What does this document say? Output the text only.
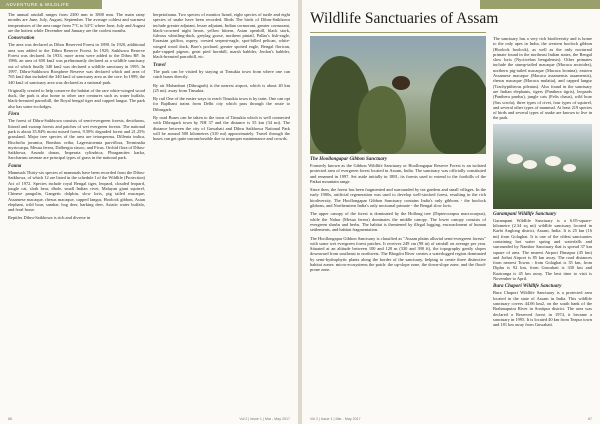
ADVENTURE & WILDLIFE

The annual rainfall ranges from 2300 mm to 3800 mm. The main rainy months are June, July, August, September. The average coldest and warmest temperatures of the area range from 7°C to 34°C where June, July and August are the hottest while December and January are the coolest months.

Conservation

The area was declared as Dibru Reserved Forest in 1890. In 1920, additional area was added to the Dibru Reserve Forest. In 1929, Saikhowa Reserve Forest was declared. In 1933, more areas were added to the Dibru RF. In 1986, an area of 650 km2 was preliminarily declared as a wildlife sanctuary out of which finally 340 km2 was declared a wildlife sanctuary in 1995. In 1997, Dibru-Saikhowa Biosphere Reserve was declared which and area of 765 km2 that included the 340 km2 of sanctuary area as the core. In 1999, the 340 km2 of sanctuary area was declared as a national park.

Originally created to help conserve the habitat of the rare white-winged wood duck, the park is also home to other rare creatures such as water buffalo, black-breasted parrotbill, the Royal bengal tiger and capped langur. The park also has some ecolodges.

Flora

The forest of Dibru-Saikhowa consists of semi-evergreen forests, deciduous, littoral and swamp forests and patches of wet evergreen forests. The national park is about 35.84% moist mixed forest, 9.50% degraded forest and 21.25% grassland. Major tree species of the area are tetrasperma, Dillenia indica, Bischofia javanica, Bombax ceiba, Lagerstroemia parviflora, Terminalia myriocarpa, Mesua ferrea, Dalbergia sissoo, and Ficus. Orchid flora of Dibru-Saikhowa, Arundo donax, Imperata cylindrica, Phragamites karka, Saccharum ravenae are principal types of grass in the national park.

Fauna

Mammals Thirty-six species of mammals have been recorded from the Dibru-Saikhowa, of which 12 are listed in the schedule I of the Wildlife (Protection) Act of 1972. Species include royal Bengal tiger, leopard, clouded leopard, jungle cat, sloth bear, dhole, small Indian civet, Malayan giant squirrel, Chinese pangolin, Gangetic dolphin, slow loris, pig tailed macaque, Assamese macaque, rhesus macaque, capped langur, Hoolock gibbon, Asian elephant, wild boar, sambar, hog deer, barking deer, Asiatic water buffalo, and feral horse.

Reptiles Dibru-Saikhowa is rich and diverse in

herpetofauna. Two species of monitor lizard, eight species of turtle and eight species of snake have been recorded. Birds The birds of Dibru-Saikhowa include greater adjutant, lesser adjutant, Indian cormorant, greater cormorant, black-crowned night heron, yellow bittern, Asian openbill, black stork, fulvous whistling-duck, greylag goose, northern pintail, Pallas's fish-eagle, Eurasian griffon, osprey, crested serpent-eagle, spot-billed pelican, white-winged wood duck, Baer's pochard, greater spotted eagle, Bengal florican, pale-capped pigeon, great pied hornbill, marsh babbler, Jerdon's babbler, black-breasted parrotbill, etc.

Travel

The park can be visited by staying at Tinsukia town from where one can catch buses directly.

By air Mohanbari (Dibrugarh) is the nearest airport, which is about 40 km (25 mi). away from Tinsukia.

By rail One of the easier ways to reach Tinsukia town is by train. One can opt for Rajdhani trains from Delhi city which pass through the route to Dibrugarh.

By road Buses can be taken to the town of Tinsukia which is well connected with Dibrugarh town by NH 37 and the distance is 55 km (34 mi). The distance between the city of Guwahati and Dibru Saikhowa National Park will be around 500 kilometres (310 mi) approximately. Travel through the buses can get quite uncomfortable due to improper maintenance and crowds.

66	Vol 2 | Issue 1 | Mar - May 2017
Wildlife Sanctuaries of Assam
The Hoollongapar Gibbon Sanctuary

Formerly known as the Gibbon Wildlife Sanctuary or Hoollongapar Reserve Forest is an isolated protected area of evergreen forest located in Assam, India. The sanctuary was officially constituted and renamed in 1997. Set aside initially in 1881, its forests used to extend to the foothills of the Patkai mountain range.

Since then, the forest has been fragmented and surrounded by tea gardens and small villages. In the early 1900s, artificial regeneration was used to develop well-stocked forest, resulting in the rich biodiversity. The Hoollongapar Gibbon Sanctuary contains India's only gibbons - the hoolock gibbons, and Northeastern India's only nocturnal primate - the Bengal slow loris.

The upper canopy of the forest is dominated by the Hollong tree (Dipterocarpus macrocarpus), while the Nahar (Mesua ferrea) dominates the middle canopy. The lower canopy consists of evergreen shrubs and herbs. The habitat is threatened by illegal logging, encroachment of human settlements, and habitat fragmentation.

The Hoollongapar Gibbon Sanctuary is classified as "Assam plains alluvial semi-evergreen forests" with some wet evergreen forest patches. It receives 249 cm (98 in) of rainfall on average per year. Situated at an altitude between 100 and 120 m (330 and 390 ft), the topography gently slopes downward from southeast to northwest. The Bhogdoi River creates a waterlogged region dominated by semi-hydrophytic plants along the border of the sanctuary, helping to create three distinctive habitat zones: micro-ecosystems the patch: the up-slope zone, the down-slope zone, and the flood-prone zone.

The sanctuary has a very rich biodiversity and is home to the only apes in India, the western hoolock gibbon (Hoolock hoolock), as well as the only nocturnal primate found in the northeast Indian states, the Bengal slow loris (Nycticebus bengalensis). Other primates include the stump-tailed macaque (Macaca arctoides), northern pig-tailed macaque (Macaca leonina), eastern Assamese macaque (Macaca assamensis assamensis), rhesus macaque (Macaca mulatta), and capped langur (Trachypithecus pileatus). Also found in the sanctuary are Indian elephants, tigers (Panthera tigris), leopards (Panthera pardus), jungle cats (Felis chaus), wild boar (Sus scrofa), three types of civet, four types of squirrel, and several other types of mammal. At least 219 species of birds and several types of snake are known to live in the park.

Garampani Wildlife Sanctuary

Garampani Wildlife Sanctuary is a 6.05-square-kilometre (2.34 sq mi) wildlife sanctuary located in Karbi Anglong district, Assam, India. It is 25 km (16 mi) from Golaghat. It is one of the oldest sanctuaries containing hot water spring and waterfalls and surrounded by Nambor Sanctuary that is spread 37 km square of area. The nearest Airport Dimapur (45 km) and Jorhat Airport is 85 km away. The road distances from nearest Towns : from Golaghat is 35 km, from Diphu is 92 km, from Guwahati is 330 km and Kaziranga is 45 km away. The best time to visit is November to April.

Bura Chapori Wildlife Sanctuary

Bura Chapori Wildlife Sanctuary is a protected area located in the state of Assam in India. This wildlife sanctuary covers 44.06 km2, on the south bank of the Brahmaputra River in Sonitpur district. The area was declared a Reserved forest in 1974, it became a sanctuary in 1995. It is located 40 km from Tezpur town and 181 km away from Guwahati.

Vol 2 | Issue 1 | Mar - May 2017	67
